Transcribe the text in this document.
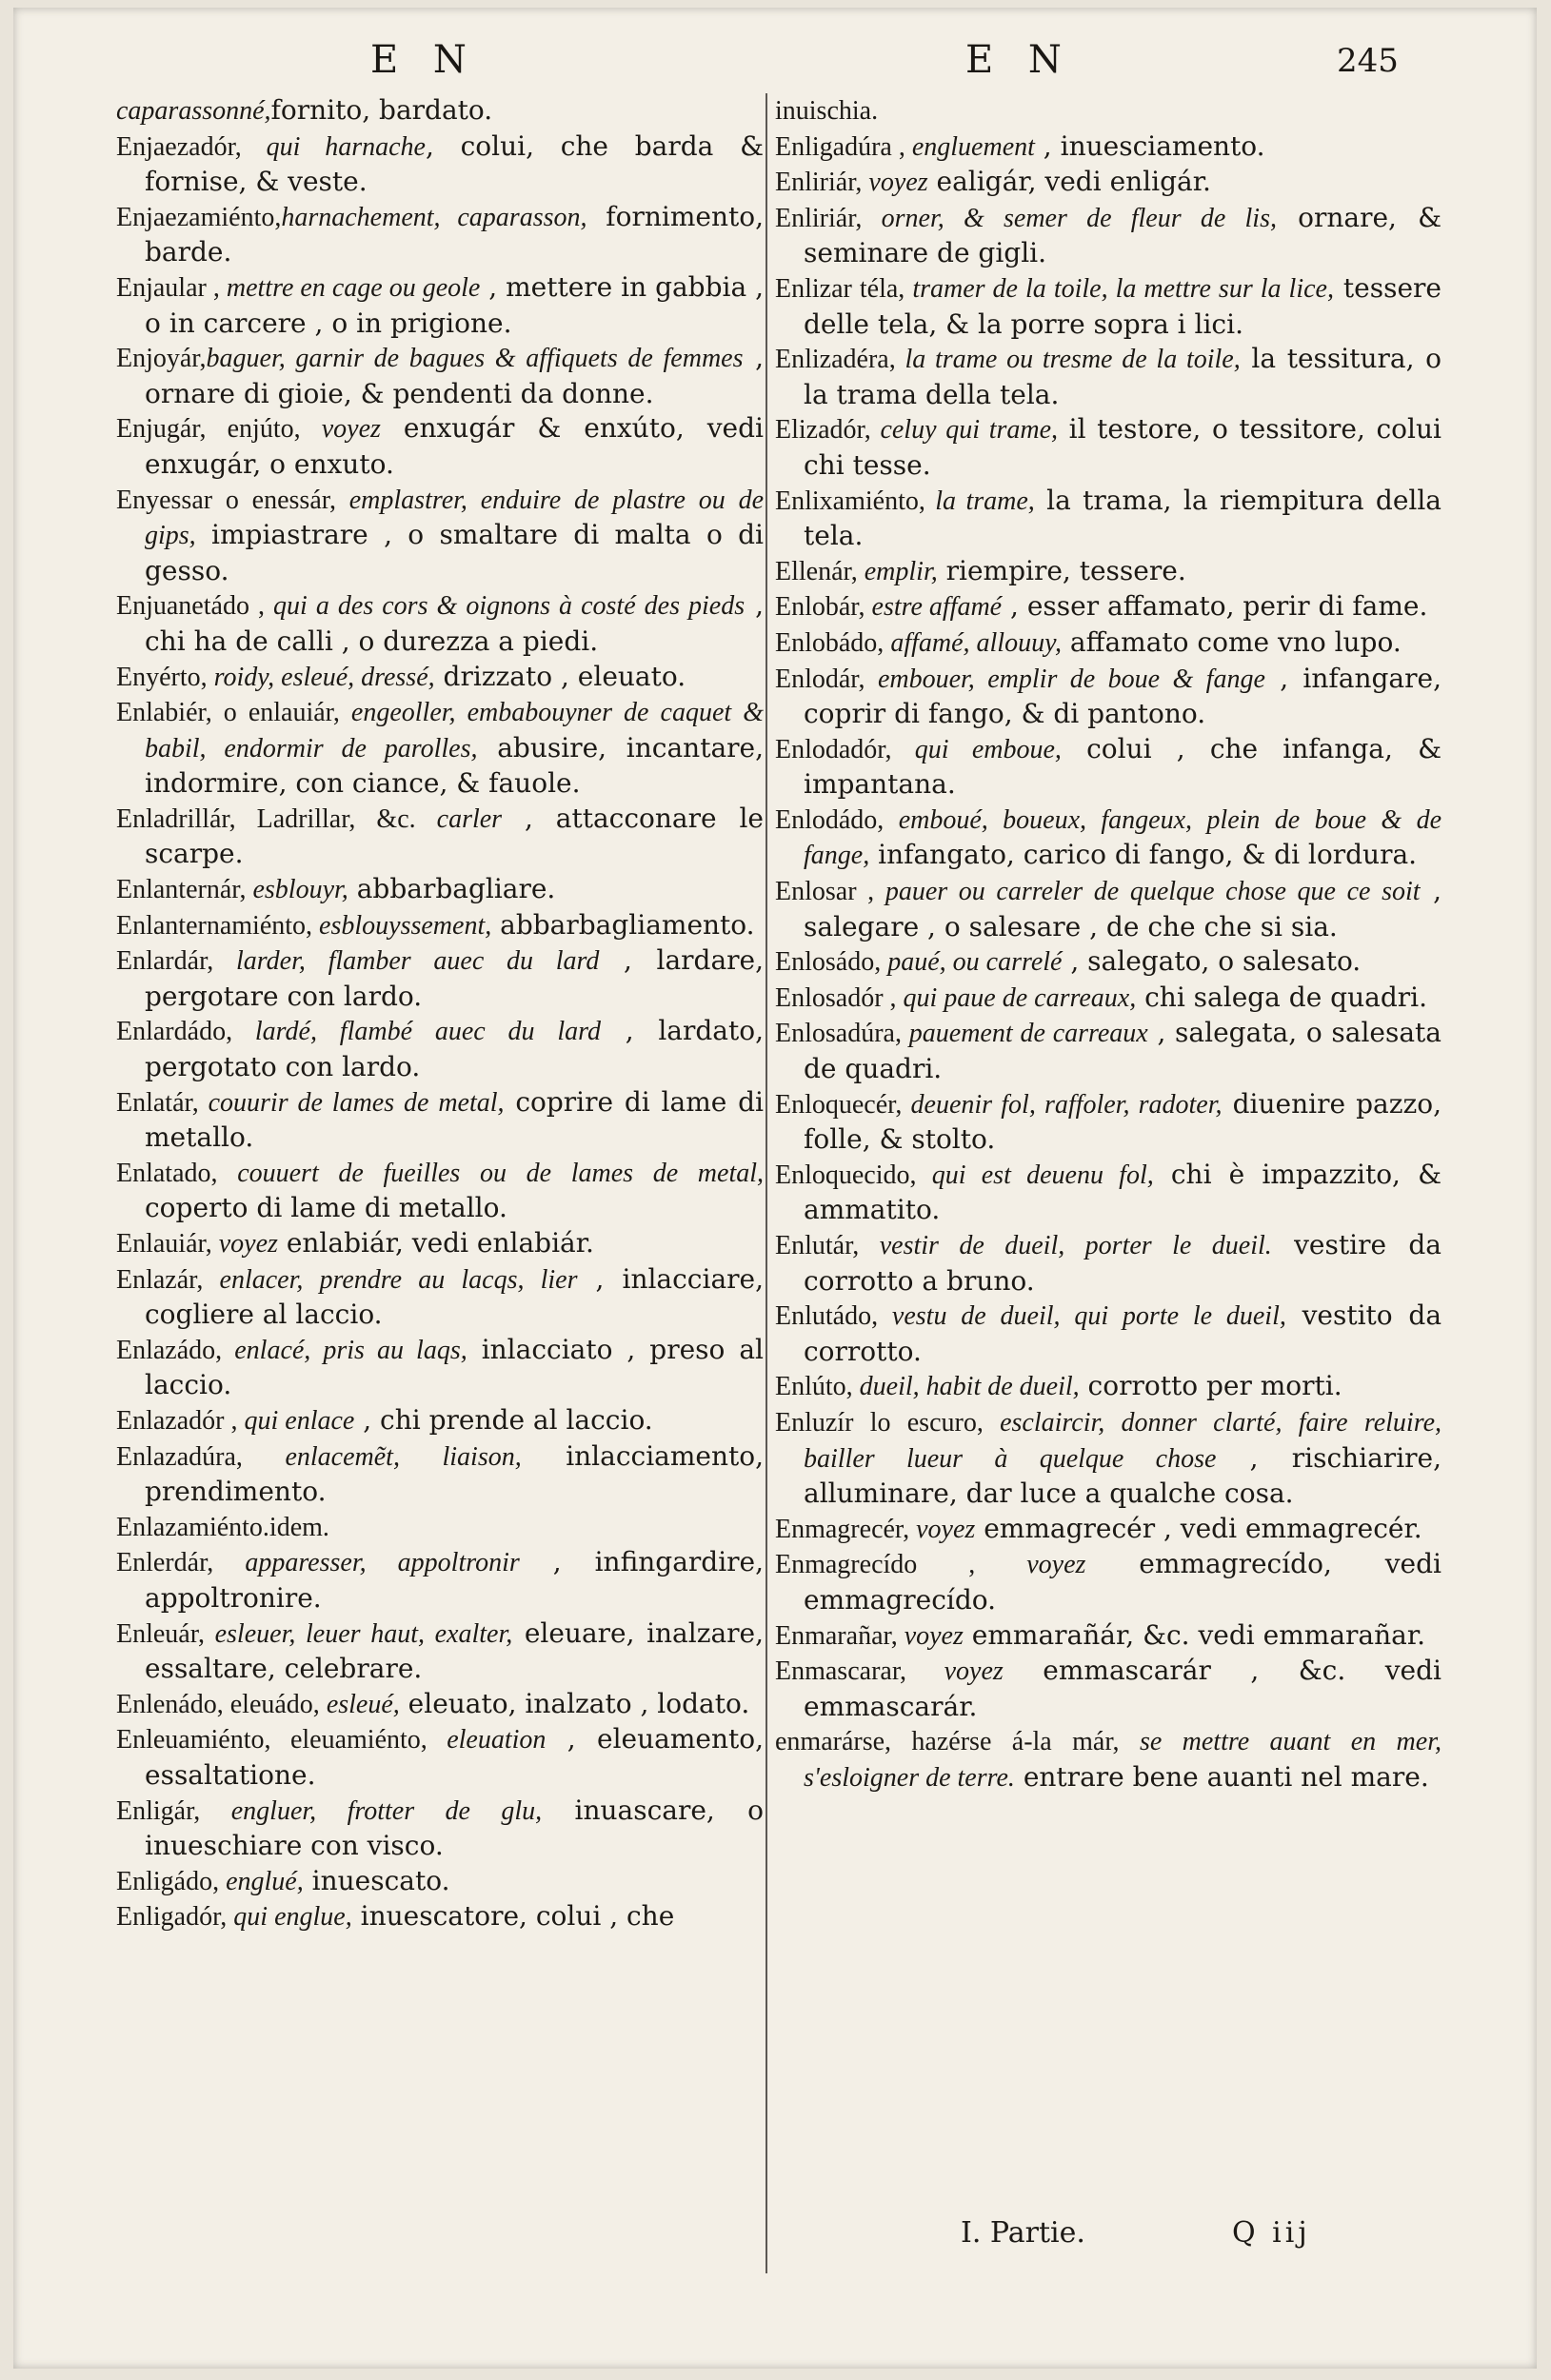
E N	E N	245

caparassonné,fornito, bardato.

Enjaezadór, qui harnache, colui, che barda & fornise, & veste.

Enjaezamiénto,harnachement, caparasson, fornimento, barde.

Enjaular , mettre en cage ou geole , mettere in gabbia , o in carcere , o in prigione.

Enjoyár,baguer, garnir de bagues & affiquets de femmes , ornare di gioie, & pendenti da donne.

Enjugár, enjúto, voyez enxugár & enxúto, vedi enxugár, o enxuto.

Enyessar o enessár, emplastrer, enduire de plastre ou de gips, impiastrare , o smaltare di malta o di gesso.

Enjuanetádo , qui a des cors & oignons à costé des pieds , chi ha de calli , o durezza a piedi.

Enyérto, roidy, esleué, dressé, drizzato , eleuato.

Enlabiér, o enlauiár, engeoller, embabouyner de caquet & babil, endormir de parolles, abusire, incantare, indormire, con ciance, & fauole.

Enladrillár, Ladrillar, &c. carler , attacconare le scarpe.

Enlanternár, esblouyr, abbarbagliare.

Enlanternamiénto, esblouyssement, abbarbagliamento.

Enlardár, larder, flamber auec du lard , lardare, pergotare con lardo.

Enlardádo, lardé, flambé auec du lard , lardato, pergotato con lardo.

Enlatár, couurir de lames de metal, coprire di lame di metallo.

Enlatado, couuert de fueilles ou de lames de metal, coperto di lame di metallo.

Enlauiár, voyez enlabiár, vedi enlabiár.

Enlazár, enlacer, prendre au lacqs, lier , inlacciare, cogliere al laccio.

Enlazádo, enlacé, pris au laqs, inlacciato , preso al laccio.

Enlazadór , qui enlace , chi prende al laccio.

Enlazadúra, enlacemẽt, liaison, inlacciamento, prendimento.

Enlazamiénto.idem.

Enlerdár, apparesser, appoltronir , infingardire, appoltronire.

Enleuár, esleuer, leuer haut, exalter, eleuare, inalzare, essaltare, celebrare.

Enlenádo, eleuádo, esleué, eleuato, inalzato , lodato.

Enleuamiénto, eleuamiénto, eleuation , eleuamento, essaltatione.

Enligár, engluer, frotter de glu, inuascare, o inueschiare con visco.

Enligádo, englué, inuescato.

Enligadór, qui englue, inuescatore, colui , che

inuischia.

Enligadúra , engluement , inuesciamento.

Enliriár, voyez ealigár, vedi enligár.

Enliriár, orner, & semer de fleur de lis, ornare, & seminare de gigli.

Enlizar téla, tramer de la toile, la mettre sur la lice, tessere delle tela, & la porre sopra i lici.

Enlizadéra, la trame ou tresme de la toile, la tessitura, o la trama della tela.

Elizadór, celuy qui trame, il testore, o tessitore, colui chi tesse.

Enlixamiénto, la trame, la trama, la riempitura della tela.

Ellenár, emplir, riempire, tessere.

Enlobár, estre affamé , esser affamato, perir di fame.

Enlobádo, affamé, allouuy, affamato come vno lupo.

Enlodár, embouer, emplir de boue & fange , infangare, coprir di fango, & di pantono.

Enlodadór, qui emboue, colui , che infanga, & impantana.

Enlodádo, emboué, boueux, fangeux, plein de boue & de fange, infangato, carico di fango, & di lordura.

Enlosar , pauer ou carreler de quelque chose que ce soit , salegare , o salesare , de che che si sia.

Enlosádo, paué, ou carrelé , salegato, o salesato.

Enlosadór , qui paue de carreaux, chi salega de quadri.

Enlosadúra, pauement de carreaux , salegata, o salesata de quadri.

Enloquecér, deuenir fol, raffoler, radoter, diuenire pazzo, folle, & stolto.

Enloquecido, qui est deuenu fol, chi è impazzito, & ammatito.

Enlutár, vestir de dueil, porter le dueil. vestire da corrotto a bruno.

Enlutádo, vestu de dueil, qui porte le dueil, vestito da corrotto.

Enlúto, dueil, habit de dueil, corrotto per morti.

Enluzír lo escuro, esclaircir, donner clarté, faire reluire, bailler lueur à quelque chose , rischiarire, alluminare, dar luce a qualche cosa.

Enmagrecér, voyez emmagrecér , vedi emmagrecér.

Enmagrecído , voyez emmagrecído, vedi emmagrecído.

Enmarañar, voyez emmarañár, &c. vedi emmarañar.

Enmascarar, voyez emmascarár , &c. vedi emmascarár.

enmarárse, hazérse á-la már, se mettre auant en mer, s'esloigner de terre. entrare bene auanti nel mare.

I. Partie.	Q iij
